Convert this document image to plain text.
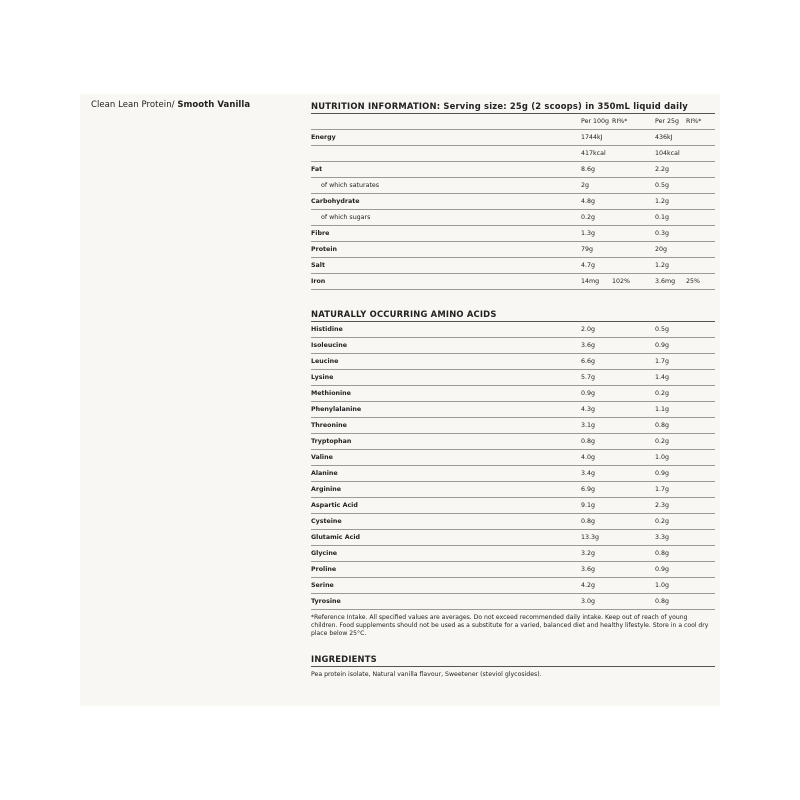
Clean Lean Protein/ Smooth Vanilla	NUTRITION INFORMATION: Serving size: 25g (2 scoops) in 350mL liquid daily
	Per 100g	RI%*	Per 25g	RI%*
Energy	1744kJ		436kJ	
	417kcal		104kcal	
Fat	8.6g		2.2g	
of which saturates	2g		0.5g	
Carbohydrate	4.8g		1.2g	
of which sugars	0.2g		0.1g	
Fibre	1.3g		0.3g	
Protein	79g		20g	
Salt	4.7g		1.2g	
Iron	14mg	102%	3.6mg	25%
NATURALLY OCCURRING AMINO ACIDS
Histidine	2.0g		0.5g	
Isoleucine	3.6g		0.9g	
Leucine	6.6g		1.7g	
Lysine	5.7g		1.4g	
Methionine	0.9g		0.2g	
Phenylalanine	4.3g		1.1g	
Threonine	3.1g		0.8g	
Tryptophan	0.8g		0.2g	
Valine	4.0g		1.0g	
Alanine	3.4g		0.9g	
Arginine	6.9g		1.7g	
Aspartic Acid	9.1g		2.3g	
Cysteine	0.8g		0.2g	
Glutamic Acid	13.3g		3.3g	
Glycine	3.2g		0.8g	
Proline	3.6g		0.9g	
Serine	4.2g		1.0g	
Tyrosine	3.0g		0.8g	
*Reference Intake. All specified values are averages. Do not exceed recommended daily intake. Keep out of reach of young children. Food supplements should not be used as a substitute for a varied, balanced diet and healthy lifestyle. Store in a cool dry place below 25°C.
INGREDIENTS
Pea protein isolate, Natural vanilla flavour, Sweetener (steviol glycosides).
